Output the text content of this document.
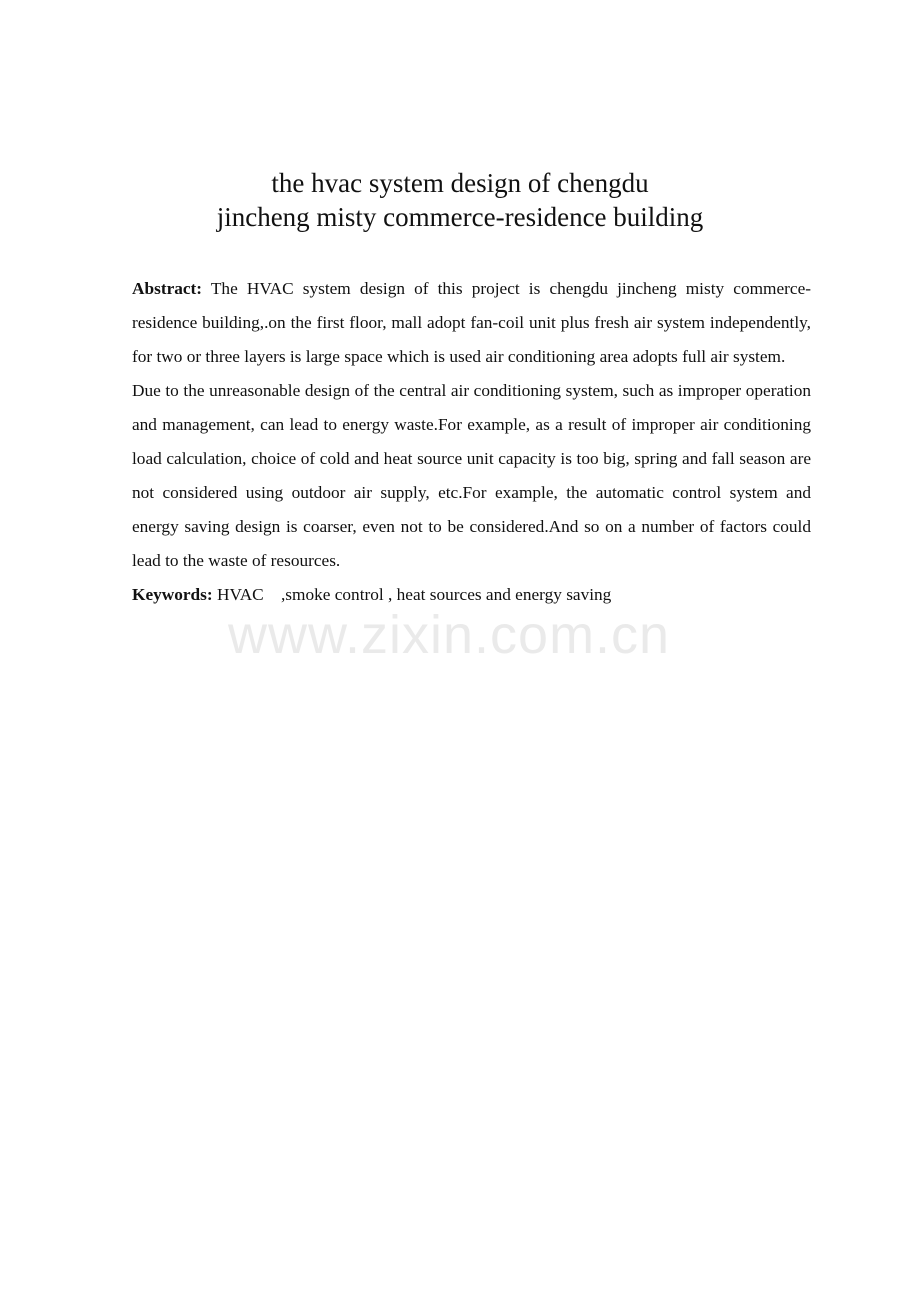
the hvac system design of chengdu
jincheng misty commerce-residence building

Abstract: The HVAC system design of this project is chengdu jincheng misty commerce-residence building,.on the first floor, mall adopt fan-coil unit plus fresh air system independently, for two or three layers is large space which is used air conditioning area adopts full air system.

Due to the unreasonable design of the central air conditioning system, such as improper operation and management, can lead to energy waste.For example, as a result of improper air conditioning load calculation, choice of cold and heat source unit capacity is too big, spring and fall season are not considered using outdoor air supply, etc.For example, the automatic control system and energy saving design is coarser, even not to be considered.And so on a number of factors could lead to the waste of resources.

Keywords: HVAC    ,smoke control , heat sources and energy saving

www.zixin.com.cn
